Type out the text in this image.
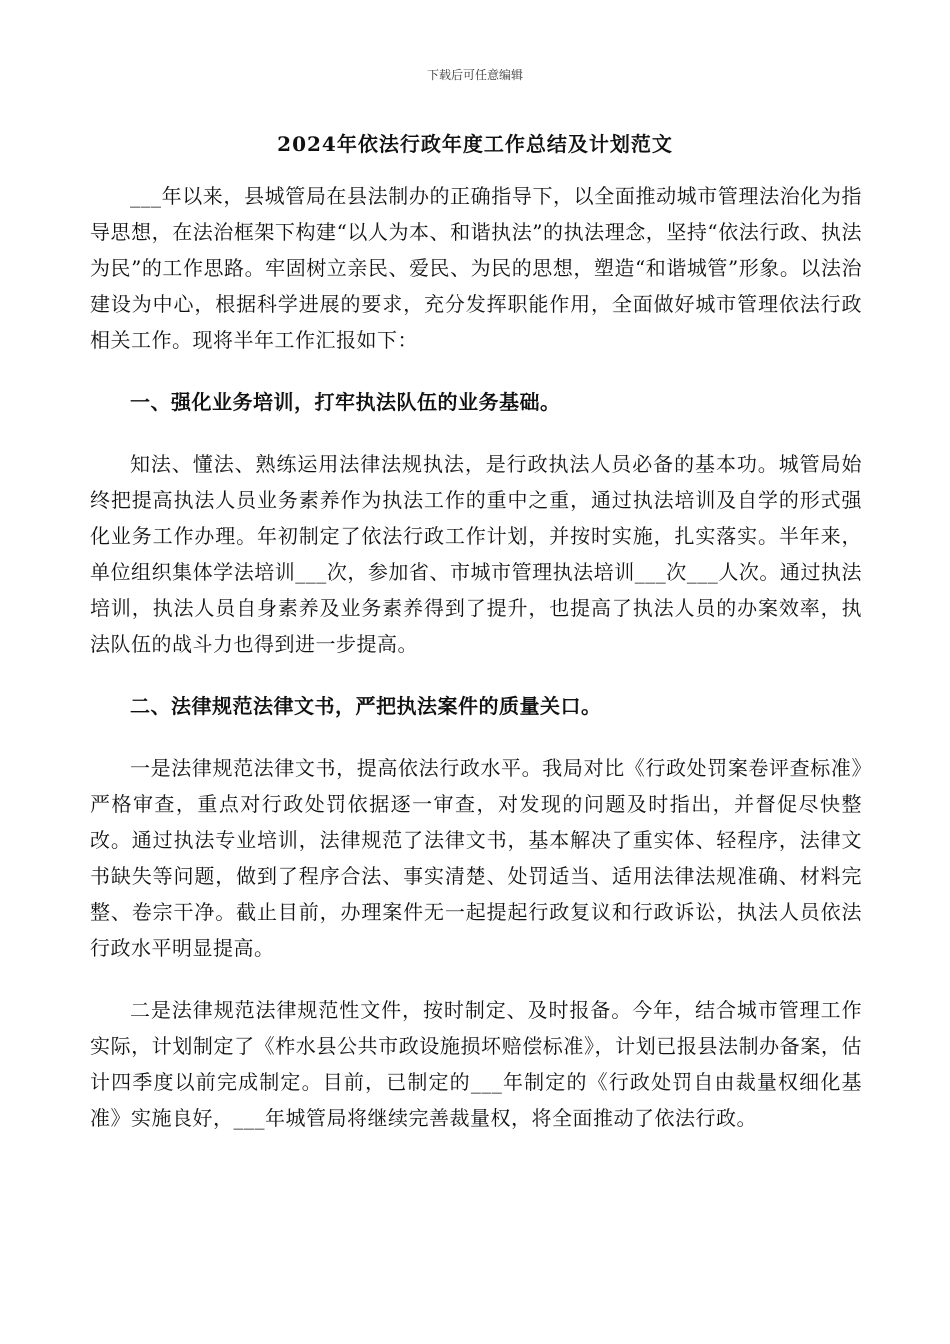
下载后可任意编辑
2024年依法行政年度工作总结及计划范文

___年以来，县城管局在县法制办的正确指导下，以全面推动城市管理法治化为指导思想，在法治框架下构建“以人为本、和谐执法”的执法理念，坚持“依法行政、执法为民”的工作思路。牢固树立亲民、爱民、为民的思想，塑造“和谐城管”形象。以法治建设为中心，根据科学进展的要求，充分发挥职能作用，全面做好城市管理依法行政相关工作。现将半年工作汇报如下：

一、强化业务培训，打牢执法队伍的业务基础。

知法、懂法、熟练运用法律法规执法，是行政执法人员必备的基本功。城管局始终把提高执法人员业务素养作为执法工作的重中之重，通过执法培训及自学的形式强化业务工作办理。年初制定了依法行政工作计划，并按时实施，扎实落实。半年来，单位组织集体学法培训___次，参加省、市城市管理执法培训___次___人次。通过执法培训，执法人员自身素养及业务素养得到了提升，也提高了执法人员的办案效率，执法队伍的战斗力也得到进一步提高。

二、法律规范法律文书，严把执法案件的质量关口。

一是法律规范法律文书，提高依法行政水平。我局对比《行政处罚案卷评查标准》严格审查，重点对行政处罚依据逐一审查，对发现的问题及时指出，并督促尽快整改。通过执法专业培训，法律规范了法律文书，基本解决了重实体、轻程序，法律文书缺失等问题，做到了程序合法、事实清楚、处罚适当、适用法律法规准确、材料完整、卷宗干净。截止目前，办理案件无一起提起行政复议和行政诉讼，执法人员依法行政水平明显提高。

二是法律规范法律规范性文件，按时制定、及时报备。今年，结合城市管理工作实际，计划制定了《柞水县公共市政设施损坏赔偿标准》，计划已报县法制办备案，估计四季度以前完成制定。目前，已制定的___年制定的《行政处罚自由裁量权细化基准》实施良好，___年城管局将继续完善裁量权，将全面推动了依法行政。
